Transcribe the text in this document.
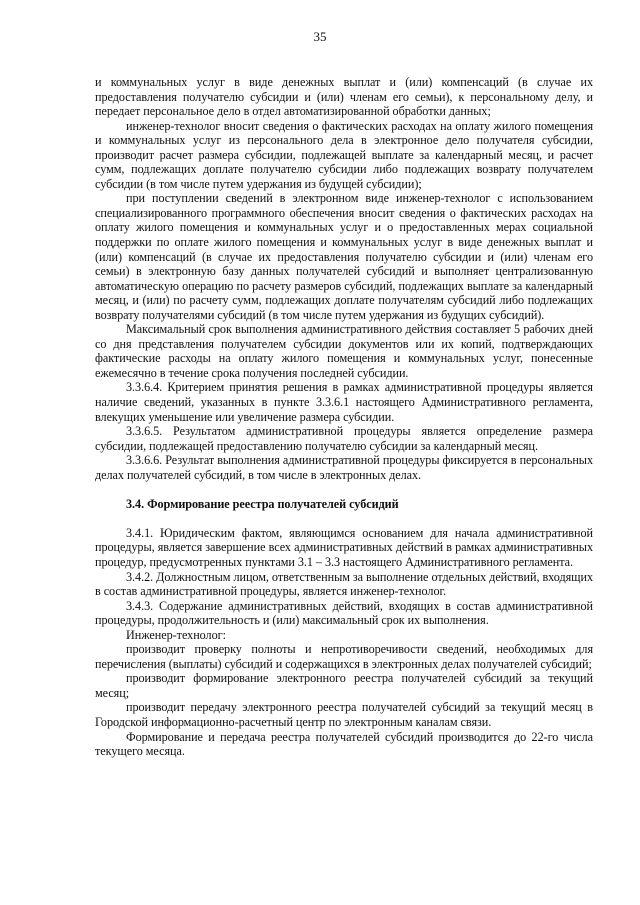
35

и коммунальных услуг в виде денежных выплат и (или) компенсаций (в случае их предоставления получателю субсидии и (или) членам его семьи), к персональному делу, и передает персональное дело в отдел автоматизированной обработки данных;

инженер-технолог вносит сведения о фактических расходах на оплату жилого помещения и коммунальных услуг из персонального дела в электронное дело получателя субсидии, производит расчет размера субсидии, подлежащей выплате за календарный месяц, и расчет сумм, подлежащих доплате получателю субсидии либо подлежащих возврату получателем субсидии (в том числе путем удержания из будущей субсидии);

при поступлении сведений в электронном виде инженер-технолог с использованием специализированного программного обеспечения вносит сведения о фактических расходах на оплату жилого помещения и коммунальных услуг и о предоставленных мерах социальной поддержки по оплате жилого помещения и коммунальных услуг в виде денежных выплат и (или) компенсаций (в случае их предоставления получателю субсидии и (или) членам его семьи) в электронную базу данных получателей субсидий и выполняет централизованную автоматическую операцию по расчету размеров субсидий, подлежащих выплате за календарный месяц, и (или) по расчету сумм, подлежащих доплате получателям субсидий либо подлежащих возврату получателями субсидий (в том числе путем удержания из будущих субсидий).

Максимальный срок выполнения административного действия составляет 5 рабочих дней со дня представления получателем субсидии документов или их копий, подтверждающих фактические расходы на оплату жилого помещения и коммунальных услуг, понесенные ежемесячно в течение срока получения последней субсидии.

3.3.6.4. Критерием принятия решения в рамках административной процедуры является наличие сведений, указанных в пункте 3.3.6.1 настоящего Административного регламента, влекущих уменьшение или увеличение размера субсидии.

3.3.6.5. Результатом административной процедуры является определение размера субсидии, подлежащей предоставлению получателю субсидии за календарный месяц.

3.3.6.6. Результат выполнения административной процедуры фиксируется в персональных делах получателей субсидий, в том числе в электронных делах.

3.4. Формирование реестра получателей субсидий

3.4.1. Юридическим фактом, являющимся основанием для начала административной процедуры, является завершение всех административных действий в рамках административных процедур, предусмотренных пунктами 3.1 – 3.3 настоящего Административного регламента.

3.4.2. Должностным лицом, ответственным за выполнение отдельных действий, входящих в состав административной процедуры, является инженер-технолог.

3.4.3. Содержание административных действий, входящих в состав административной процедуры, продолжительность и (или) максимальный срок их выполнения.

Инженер-технолог:

производит проверку полноты и непротиворечивости сведений, необходимых для перечисления (выплаты) субсидий и содержащихся в электронных делах получателей субсидий;

производит формирование электронного реестра получателей субсидий за текущий месяц;

производит передачу электронного реестра получателей субсидий за текущий месяц в Городской информационно-расчетный центр по электронным каналам связи.

Формирование и передача реестра получателей субсидий производится до 22-го числа текущего месяца.
